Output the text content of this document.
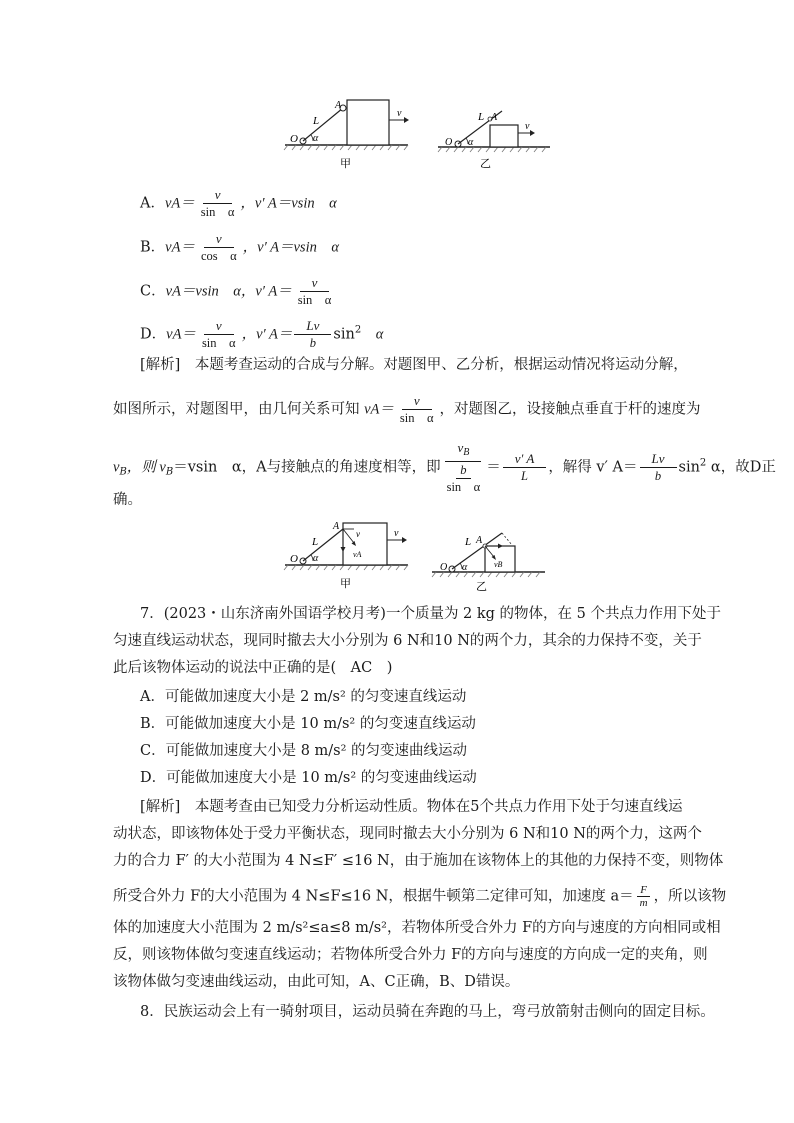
O
L
A
α
v
甲
O
L A
α
v
乙
A．$vA= \frac{v}{\text{sin　α}}$ ，v′ A＝vsin　α
B．$vA= \frac{v}{\text{cos　α}}$ ，v′ A＝vsin　α
C．vA＝vsin　α，v′ $A= \frac{v}{\text{sin　α}}$
D．$vA= \frac{v}{\text{sin　α}}$ ，v′ $A= \frac{Lv}{b} \sin^2$　 α
[解析]　本题考查运动的合成与分解。对题图甲、乙分析，根据运动情况将运动分解，
如图所示，对题图甲，由几何关系可知 $vA= \frac{v}{\text{sin　α}}$ ，对题图乙，设接触点垂直于杆的速度为
$v_B$，则 $v_B=vsin$　α，A与接触点的角速度相等，即
$v_B$
b
sin　α
＝ $\frac{v' A}{L}$ ，解得 v′ $A= \frac{Lv}{b} \sin^2 \alpha$，故D正
确。
O
L
A
α
v
vA
v
甲
O
L A
α	vB
乙
7．(2023・山东济南外国语学校月考)一个质量为 2 kg 的物体，在 5 个共点力作用下处于
匀速直线运动状态，现同时撤去大小分别为 6 N和10 N的两个力，其余的力保持不变，关于
此后该物体运动的说法中正确的是(　AC　)
A．可能做加速度大小是 2 m/s² 的匀变速直线运动
B．可能做加速度大小是 10 m/s² 的匀变速直线运动
C．可能做加速度大小是 8 m/s² 的匀变速曲线运动
D．可能做加速度大小是 10 m/s² 的匀变速曲线运动
[解析]　本题考查由已知受力分析运动性质。物体在5个共点力作用下处于匀速直线运
动状态，即该物体处于受力平衡状态，现同时撤去大小分别为 6 N和10 N的两个力，这两个
力的合力 F′ 的大小范围为 4 N≤F′ ≤16 N，由于施加在该物体上的其他的力保持不变，则物体
所受合外力 F的大小范围为 4 N≤F≤16 N，根据牛顿第二定律可知，加速度 $a= \frac{F}{m}$ ，所以该物
体的加速度大小范围为 2 m/s²≤a≤8 m/s²，若物体所受合外力 F的方向与速度的方向相同或相
反，则该物体做匀变速直线运动；若物体所受合外力 F的方向与速度的方向成一定的夹角，则
该物体做匀变速曲线运动，由此可知，A、C正确，B、D错误。
8．民族运动会上有一骑射项目，运动员骑在奔跑的马上，弯弓放箭射击侧向的固定目标。
